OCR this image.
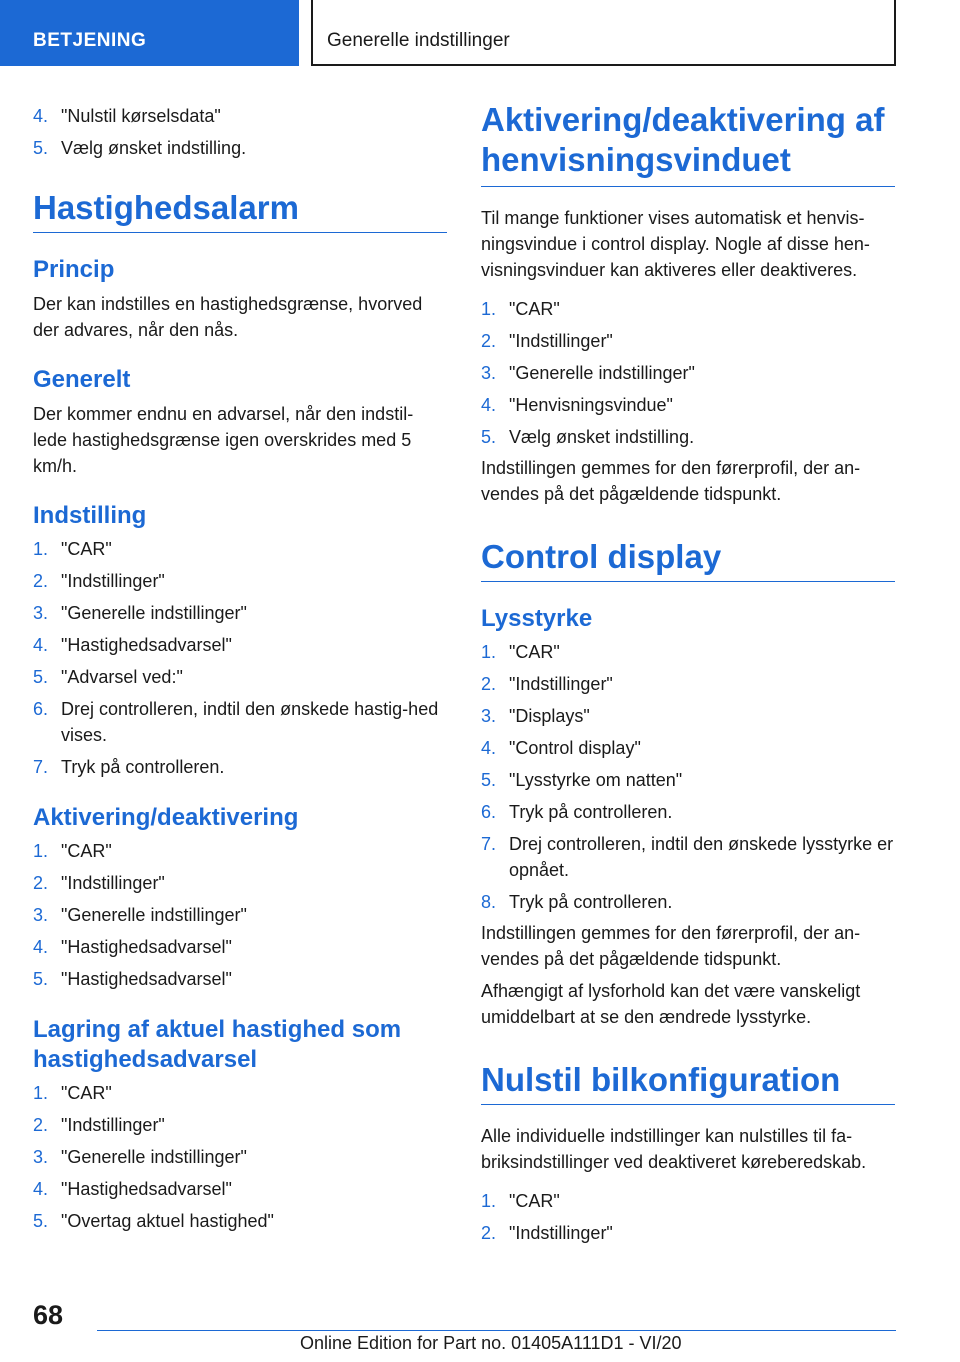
BETJENING	Generelle indstillinger
4. "Nulstil kørselsdata"
5. Vælg ønsket indstilling.
Hastighedsalarm
Princip
Der kan indstilles en hastighedsgrænse, hvorved der advares, når den nås.
Generelt
Der kommer endnu en advarsel, når den indstil-lede hastighedsgrænse igen overskrides med 5 km/h.
Indstilling
1. "CAR"
2. "Indstillinger"
3. "Generelle indstillinger"
4. "Hastighedsadvarsel"
5. "Advarsel ved:"
6. Drej controlleren, indtil den ønskede hastig-hed vises.
7. Tryk på controlleren.
Aktivering/deaktivering
1. "CAR"
2. "Indstillinger"
3. "Generelle indstillinger"
4. "Hastighedsadvarsel"
5. "Hastighedsadvarsel"
Lagring af aktuel hastighed som hastighedsadvarsel
1. "CAR"
2. "Indstillinger"
3. "Generelle indstillinger"
4. "Hastighedsadvarsel"
5. "Overtag aktuel hastighed"
Aktivering/deaktivering af henvisningsvinduet
Til mange funktioner vises automatisk et henvis-ningsvindue i control display. Nogle af disse hen-visningsvinduer kan aktiveres eller deaktiveres.
1. "CAR"
2. "Indstillinger"
3. "Generelle indstillinger"
4. "Henvisningsvindue"
5. Vælg ønsket indstilling.
Indstillingen gemmes for den førerprofil, der an-vendes på det pågældende tidspunkt.
Control display
Lysstyrke
1. "CAR"
2. "Indstillinger"
3. "Displays"
4. "Control display"
5. "Lysstyrke om natten"
6. Tryk på controlleren.
7. Drej controlleren, indtil den ønskede lysstyrke er opnået.
8. Tryk på controlleren.
Indstillingen gemmes for den førerprofil, der an-vendes på det pågældende tidspunkt.
Afhængigt af lysforhold kan det være vanskeligt umiddelbart at se den ændrede lysstyrke.
Nulstil bilkonfiguration
Alle individuelle indstillinger kan nulstilles til fa-briksindstillinger ved deaktiveret køreberedskab.
1. "CAR"
2. "Indstillinger"
68
Online Edition for Part no. 01405A111D1 - VI/20
